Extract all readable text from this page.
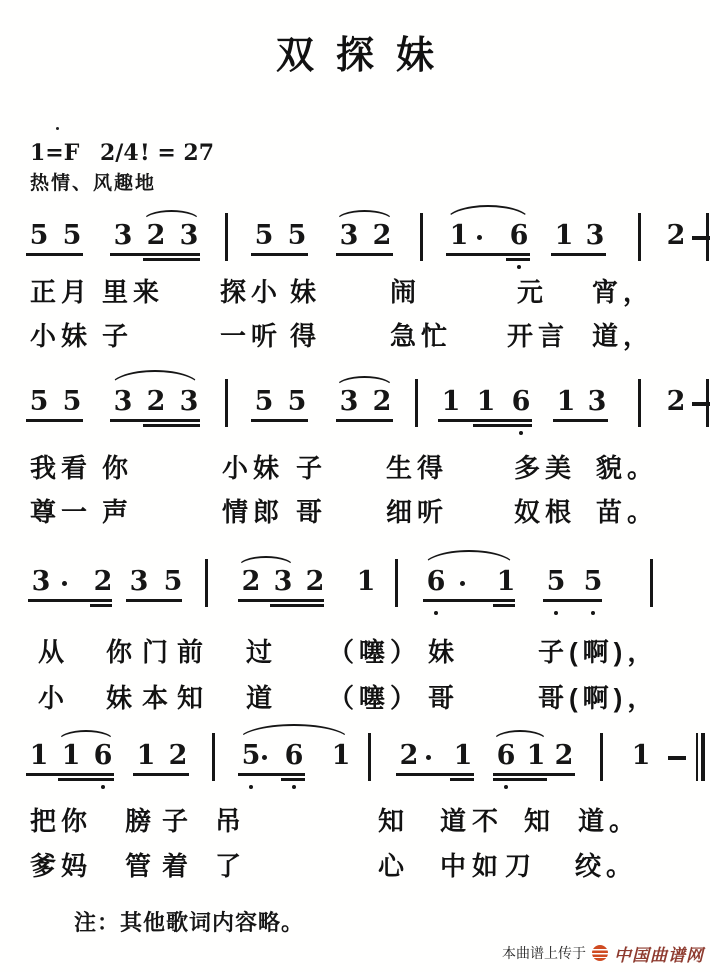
双探妹
1=F 2/4 ! = 27
热情、风趣地
注：其他歌词内容略。
本曲谱上传于 中国曲谱网
5 5 3 2 3 5 5 3 2 1 6 1 3 2
正月 里来 探小 妹	闹	元 宵，
小妹 子	一听 得	急忙 开言 道，
5 5 3 2 3 5 5 3 2 1 1 6 1 3 2
我看 你	小妹 子 生得	多美 貌。
尊一 声	情郎 哥 细听	奴根 苗。
3 2 3 5 2 3 2 1 6 1 5 5
从 你 门 前 过 （噻） 妹	子(啊)，
小 妹 本 知 道 （噻） 哥	哥(啊)，
1 1 6 1 2 5 6 1 2 1 6 1 2 1
把你 膀 子 吊	知 道 不 知 道。
爹妈 管 着 了	心 中 如 刀 绞。
